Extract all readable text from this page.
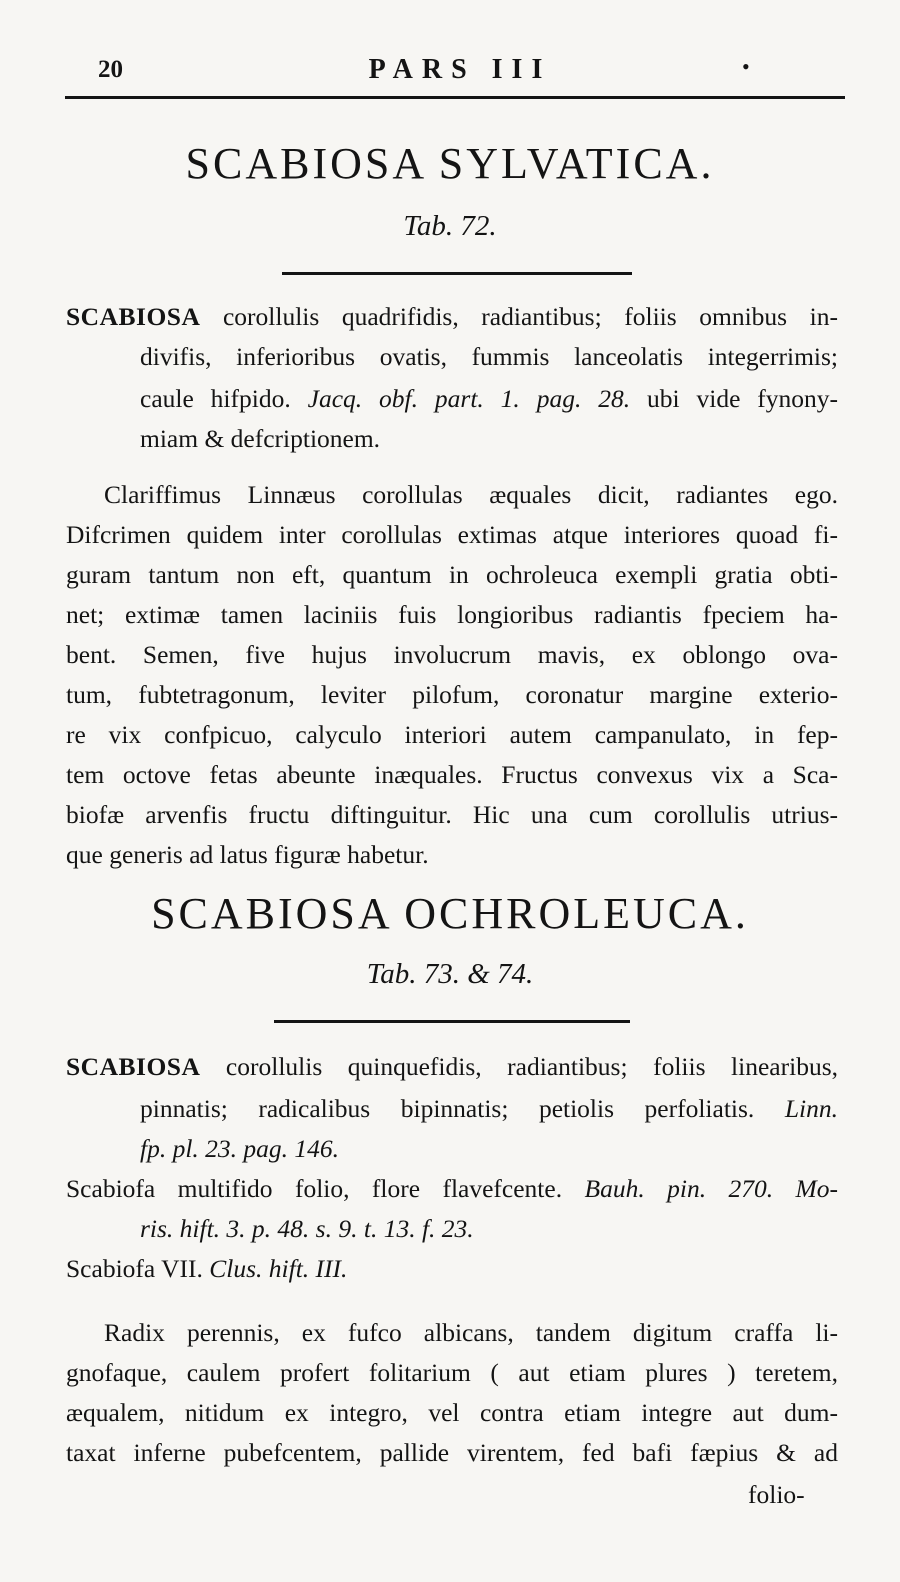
20	PARS III	•
SCABIOSA SYLVATICA.
Tab. 72.
SCABIOSA corollulis quadrifidis, radiantibus; foliis omnibus in-
divifis, inferioribus ovatis, fummis lanceolatis integerrimis;
caule hifpido. Jacq. obf. part. 1. pag. 28. ubi vide fynony-
miam & defcriptionem.
Clariffimus Linnæus corollulas æquales dicit, radiantes ego.
Difcrimen quidem inter corollulas extimas atque interiores quoad fi-
guram tantum non eft, quantum in ochroleuca exempli gratia obti-
net; extimæ tamen laciniis fuis longioribus radiantis fpeciem ha-
bent. Semen, five hujus involucrum mavis, ex oblongo ova-
tum, fubtetragonum, leviter pilofum, coronatur margine exterio-
re vix confpicuo, calyculo interiori autem campanulato, in fep-
tem octove fetas abeunte inæquales. Fructus convexus vix a Sca-
biofæ arvenfis fructu diftinguitur. Hic una cum corollulis utrius-
que generis ad latus figuræ habetur.
SCABIOSA OCHROLEUCA.
Tab. 73. & 74.
SCABIOSA corollulis quinquefidis, radiantibus; foliis linearibus,
pinnatis; radicalibus bipinnatis; petiolis perfoliatis. Linn.
fp. pl. 23. pag. 146.
Scabiofa multifido folio, flore flavefcente. Bauh. pin. 270. Mo-
ris. hift. 3. p. 48. s. 9. t. 13. f. 23.
Scabiofa VII. Clus. hift. III.
Radix perennis, ex fufco albicans, tandem digitum craffa li-
gnofaque, caulem profert folitarium ( aut etiam plures ) teretem,
æqualem, nitidum ex integro, vel contra etiam integre aut dum-
taxat inferne pubefcentem, pallide virentem, fed bafi fæpius & ad
folio-
